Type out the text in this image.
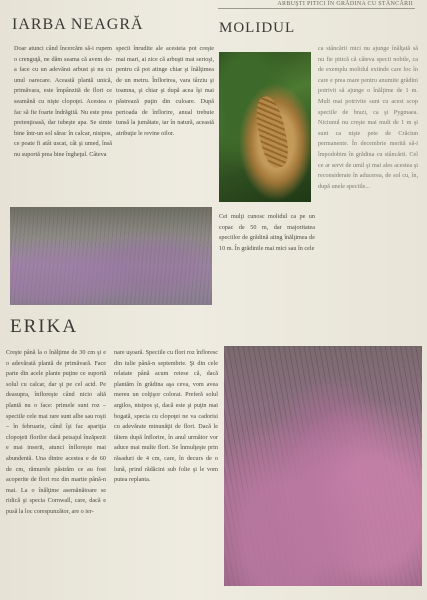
ARBUŞTI PITICI ÎN GRĂDINA CU STÂNCĂRII
IARBA NEAGRĂ	MOLIDUL

Doar atunci când încercăm să-i rupem o crenguţă, ne dăm seama că avem de-a face cu un adevărat arbust şi nu cu unul oarecare. Această plantă unică, primăvara, este împânzită de flori ce seamănă cu nişte clopoţei. Acestea o fac să fie foarte îndrăgită. Nu este prea pretenţioasă, dar iubeşte apa. Se simte bine într-un sol sărac în calcar, nisipos, ce poate fi atât uscat, cât şi umed, însă nu suportă prea bine îngheţul. Câteva

specii înrudite ale acesteia pot creşte mai mari, ai zice că arbuşti mai serioşi, pentru că pot atinge chiar şi înălţimea de un metru. Înflorirea, vara târziu şi toamna, şi chiar şi după acea îşi mai păstrează puţin din culoare. După perioada de înflorire, anual trebuie tunsă la jumătate, iar în natură, această atribuţie le revine oilor.

ca stâncării mici nu ajunge înălţată să nu fie pitică că câteva specii nobile, ca de exemplu molidul extinde care loc în care e prea mare pentru anumite grădini potrivit să ajunge o înălţime de 1 m. Mult mai potrivite sunt cu acest scop speciile de brazi, ca şi Pygmaea. Niciunul nu creşte mai mult de 1 m şi sunt ca nişte pete de Crăciun permanente. În decembrie merită să-i împodobim în grădina cu stâncării. Cel ce ar servi de umil şi mai ales acestea şi reconsiderate în aducerea, de sol cu, în, după unele speciile...

Cei mulţi cunosc molidul ca pe un copac de 50 m, dar majoritatea speciilor de grădină ating înălţimea de 10 m. În grădinile mai mici sau în cele

ERIKA

Creşte până la o înălţime de 30 cm şi e o adevărată plantă de primăvară. Face parte din acele plante puţine ce suportă solul cu calcar, dar şi pe cel acid. Pe deasupra, înfloreşte când nicio altă plantă nu o face: primele sunt roz – speciile cele mai rare sunt albe sau roşii – în februarie, când îşi fac apariţia clopoţeii florilor dacă peisajul înzăpezit e mai inserit, atunci înfloreşte mai abundentă. Una dintre acestea e de 60 de cm, rămurele păstrăm ce au fost acoperite de flori roz din martie până-n mai. La o înălţime asemănătoare se ridică şi specia Cornwall, care, dacă e pusă la loc corespunzător, are o ier-

nare uşoară. Speciile cu flori roz înfloresc din iulie până-n septembrie. Şi din cele relatate până acum reiese că, dacă plantăm în grădina aşa ceva, vom avea mereu un colţişor colorat. Preferă solul argilos, nisipos şi, dacă este şi puţin mai bogată, specia cu clopoţei ne va cadorisi cu adevărate minunăţii de flori. Dacă le tăiem după înflorire, în anul următor vor aduce mai multe flori. Se înmulţeşte prin răsaduri de 4 cm, care, în decurs de o lună, prind rădăcini sub folie şi le vom putea replanta.
